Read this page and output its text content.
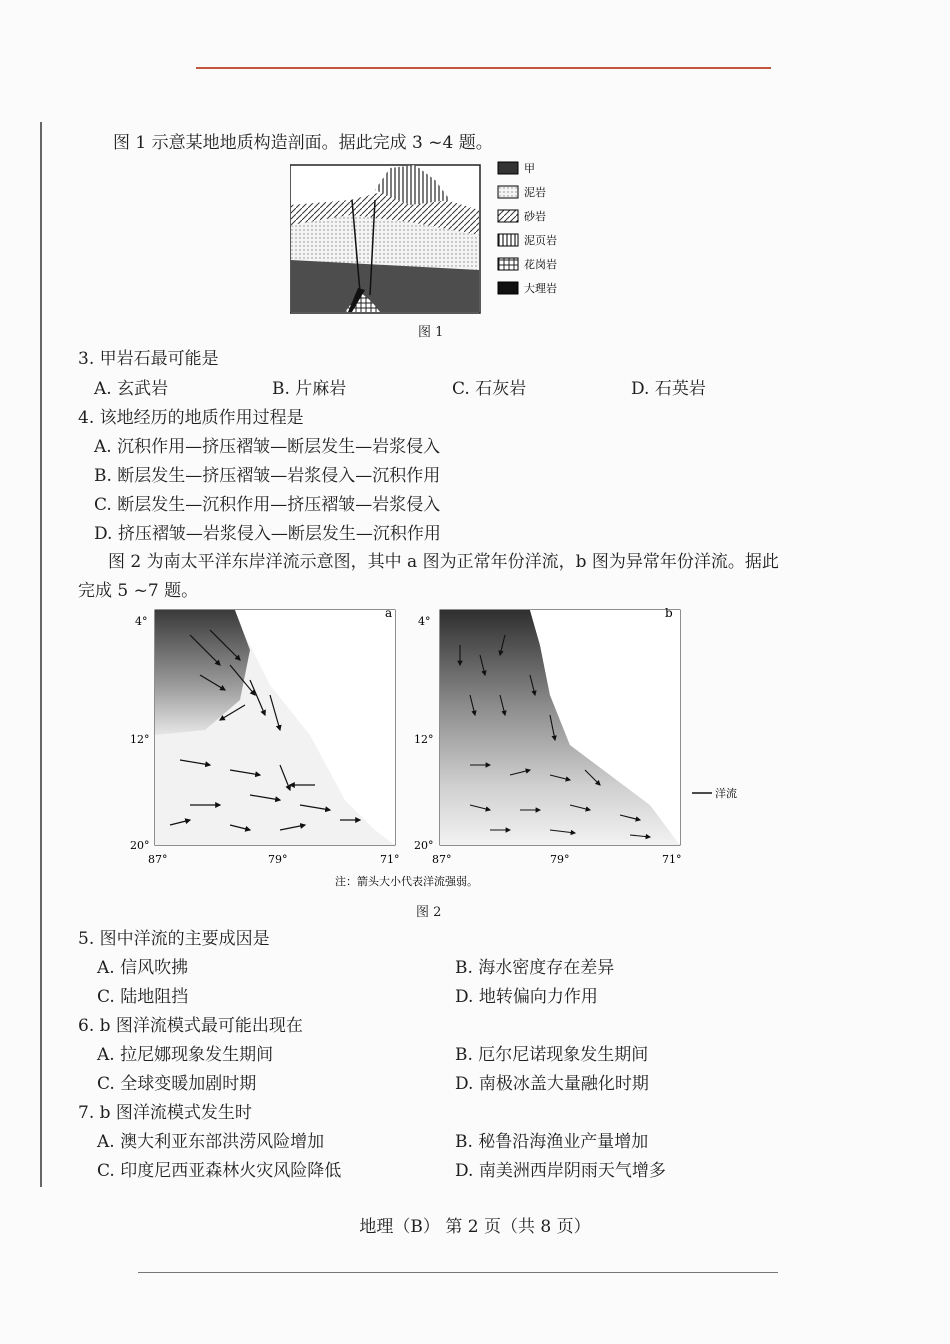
图 1 示意某地地质构造剖面。据此完成 3 ~4 题。
甲
泥岩
砂岩
泥页岩
花岗岩
大理岩
图 1
3. 甲岩石最可能是
A. 玄武岩	B. 片麻岩	C. 石灰岩	D. 石英岩
4. 该地经历的地质作用过程是
A. 沉积作用—挤压褶皱—断层发生—岩浆侵入
B. 断层发生—挤压褶皱—岩浆侵入—沉积作用
C. 断层发生—沉积作用—挤压褶皱—岩浆侵入
D. 挤压褶皱—岩浆侵入—断层发生—沉积作用
图 2 为南太平洋东岸洋流示意图，其中 a 图为正常年份洋流，b 图为异常年份洋流。据此
完成 5 ~7 题。
a
4°
12°
20°
87°	79°	71°
b
4°
12°
20°
87°	79°	71°
洋流
注：箭头大小代表洋流强弱。
图 2
5. 图中洋流的主要成因是
A. 信风吹拂	B. 海水密度存在差异
C. 陆地阻挡	D. 地转偏向力作用
6. b 图洋流模式最可能出现在
A. 拉尼娜现象发生期间	B. 厄尔尼诺现象发生期间
C. 全球变暖加剧时期	D. 南极冰盖大量融化时期
7. b 图洋流模式发生时
A. 澳大利亚东部洪涝风险增加	B. 秘鲁沿海渔业产量增加
C. 印度尼西亚森林火灾风险降低	D. 南美洲西岸阴雨天气增多
地理（B） 第 2 页（共 8 页）
